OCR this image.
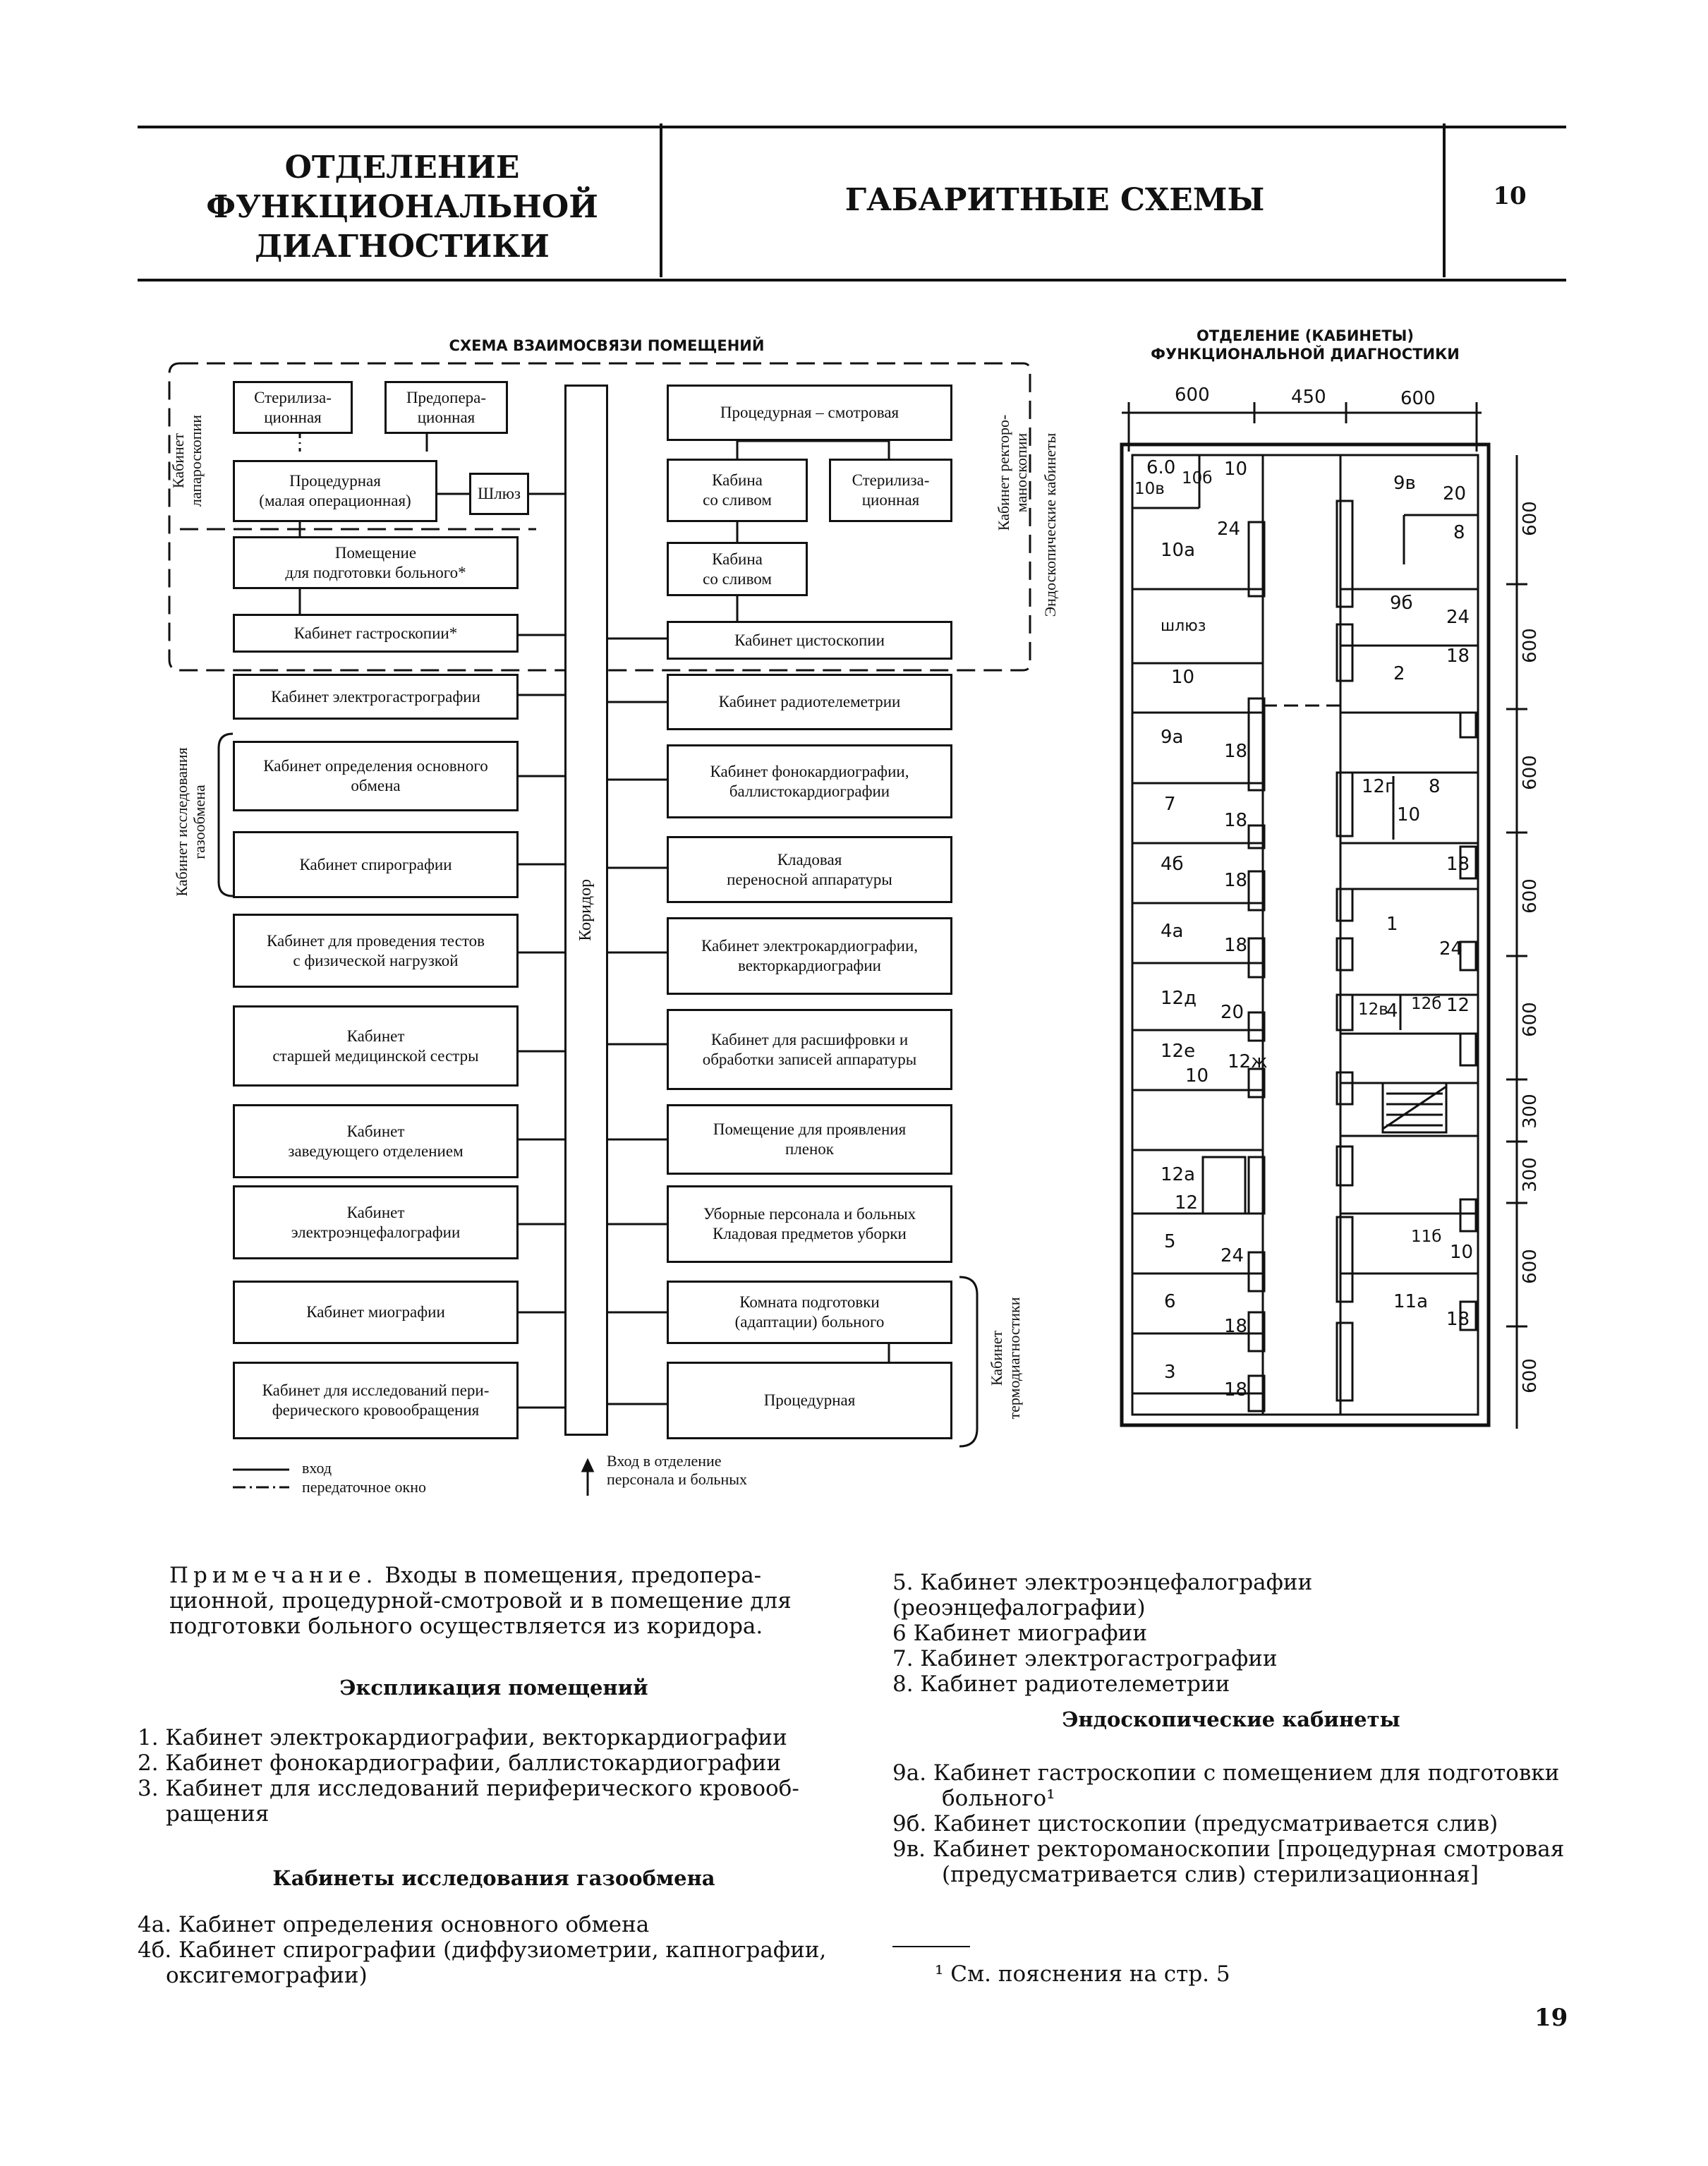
ОТДЕЛЕНИЕ
ФУНКЦИОНАЛЬНОЙ
ДИАГНОСТИКИ
ГАБАРИТНЫЕ СХЕМЫ	10
СХЕМА ВЗАИМОСВЯЗИ ПОМЕЩЕНИЙ
Коридор
Стерилиза-
ционная
Предопера-
ционная
Процедурная
(малая операционная)	Шлюз
Помещение
для подготовки больного*
Кабинет гастроскопии*
Кабинет электрогастрографии
Кабинет определения основного
обмена
Кабинет спирографии
Кабинет для проведения тестов
с физической нагрузкой
Кабинет
старшей медицинской сестры
Кабинет
заведующего отделением
Кабинет
электроэнцефалографии
Кабинет миографии
Кабинет для исследований пери-
ферического кровообращения
Процедурная – смотровая
Кабина
со сливом
Стерилиза-
ционная
Кабина
со сливом
Кабинет цистоскопии
Кабинет радиотелеметрии
Кабинет фонокардиографии,
баллистокардиографии
Кладовая
переносной аппаратуры
Кабинет электрокардиографии,
векторкардиографии
Кабинет для расшифровки и
обработки записей аппаратуры
Помещение для проявления
пленок
Уборные персонала и больных
Кладовая предметов уборки
Комната подготовки
(адаптации) больного
Процедурная
Кабинет
лапароскопии	Кабинет ректоро-
маноскопии Эндоскопические кабинеты
Кабинет исследования
газообмена
Кабинет
термодиагностики
вход
передаточное окно
Вход в отделение
персонала и больных
ОТДЕЛЕНИЕ (КАБИНЕТЫ)
ФУНКЦИОНАЛЬНОЙ ДИАГНОСТИКИ
600	450	600
600
600
600
600
600
300
300
600
600
6.0
10в
10б 10
24
10а
шлюз
10
9а
18
7
18
4б
18
4а
18
12д
20
12е
10
12ж
12а
12
5
24
6
18
3
18
9в 20
8
9б
24
18
2
12г 8
10
18
1
24
12в
4 12б 12
11б
10
11а
18
Примечание. Входы в помещения, предопера-
ционной, процедурной-смотровой и в помещение для
подготовки больного осуществляется из коридора.
Экспликация помещений
1. Кабинет электрокардиографии, векторкардиографии
2. Кабинет фонокардиографии, баллистокардиографии
3. Кабинет для исследований периферического кровооб-
ращения
Кабинеты исследования газообмена
4а. Кабинет определения основного обмена
4б. Кабинет спирографии (диффузиометрии, капнографии,
оксигемографии)
5. Кабинет электроэнцефалографии (реоэнцефалографии)
6 Кабинет миографии
7. Кабинет электрогастрографии
8. Кабинет радиотелеметрии
Эндоскопические кабинеты
9а. Кабинет гастроскопии с помещением для подготовки
больного¹
9б. Кабинет цистоскопии (предусматривается слив)
9в. Кабинет ректороманоскопии [процедурная смотровая
(предусматривается слив) стерилизационная]
¹ См. пояснения на стр. 5
19
